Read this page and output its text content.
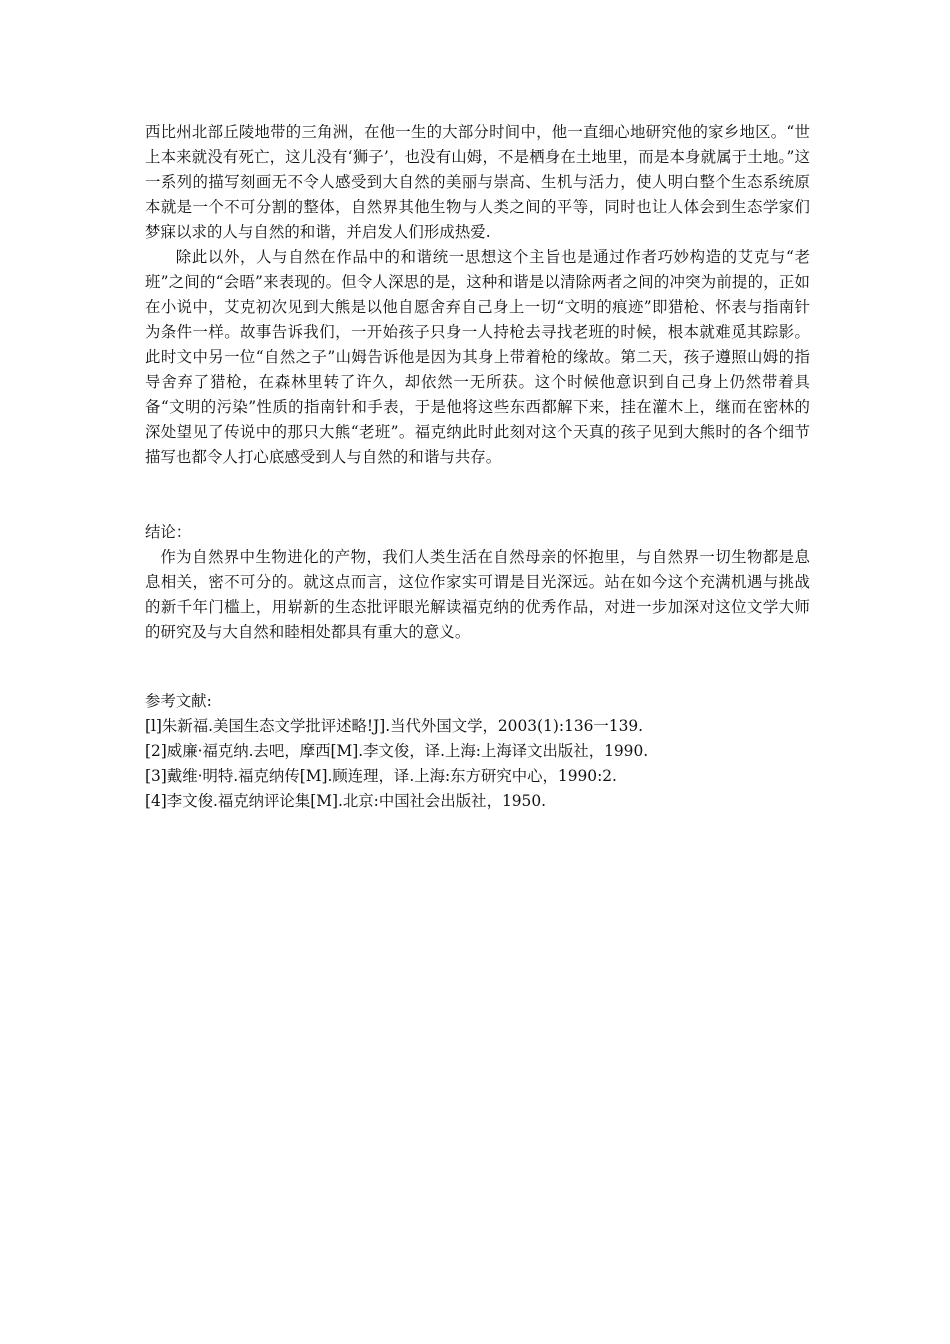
西比州北部丘陵地带的三角洲，在他一生的大部分时间中，他一直细心地研究他的家乡地区。“世上本来就没有死亡，这儿没有‘狮子’，也没有山姆，不是栖身在土地里，而是本身就属于土地。”这一系列的描写刻画无不令人感受到大自然的美丽与崇高、生机与活力，使人明白整个生态系统原本就是一个不可分割的整体，自然界其他生物与人类之间的平等，同时也让人体会到生态学家们梦寐以求的人与自然的和谐，并启发人们形成热爱.

除此以外，人与自然在作品中的和谐统一思想这个主旨也是通过作者巧妙构造的艾克与“老班”之间的“会晤”来表现的。但令人深思的是，这种和谐是以清除两者之间的冲突为前提的，正如在小说中，艾克初次见到大熊是以他自愿舍弃自己身上一切“文明的痕迹”即猎枪、怀表与指南针为条件一样。故事告诉我们，一开始孩子只身一人持枪去寻找老班的时候，根本就难觅其踪影。此时文中另一位“自然之子”山姆告诉他是因为其身上带着枪的缘故。第二天，孩子遵照山姆的指导舍弃了猎枪，在森林里转了许久，却依然一无所获。这个时候他意识到自己身上仍然带着具备“文明的污染”性质的指南针和手表，于是他将这些东西都解下来，挂在灌木上，继而在密林的深处望见了传说中的那只大熊“老班”。福克纳此时此刻对这个天真的孩子见到大熊时的各个细节描写也都令人打心底感受到人与自然的和谐与共存。

结论：

作为自然界中生物进化的产物，我们人类生活在自然母亲的怀抱里，与自然界一切生物都是息息相关，密不可分的。就这点而言，这位作家实可谓是目光深远。站在如今这个充满机遇与挑战的新千年门槛上，用崭新的生态批评眼光解读福克纳的优秀作品，对进一步加深对这位文学大师的研究及与大自然和睦相处都具有重大的意义。

参考文献:

[l]朱新福.美国生态文学批评述略!J].当代外国文学，2003(1):136一139.

[2]威廉·福克纳.去吧，摩西[M].李文俊，译.上海:上海译文出版社，1990.

[3]戴维·明特.福克纳传[M].顾连理，译.上海:东方研究中心，1990:2.

[4]李文俊.福克纳评论集[M].北京:中国社会出版社，1950.
